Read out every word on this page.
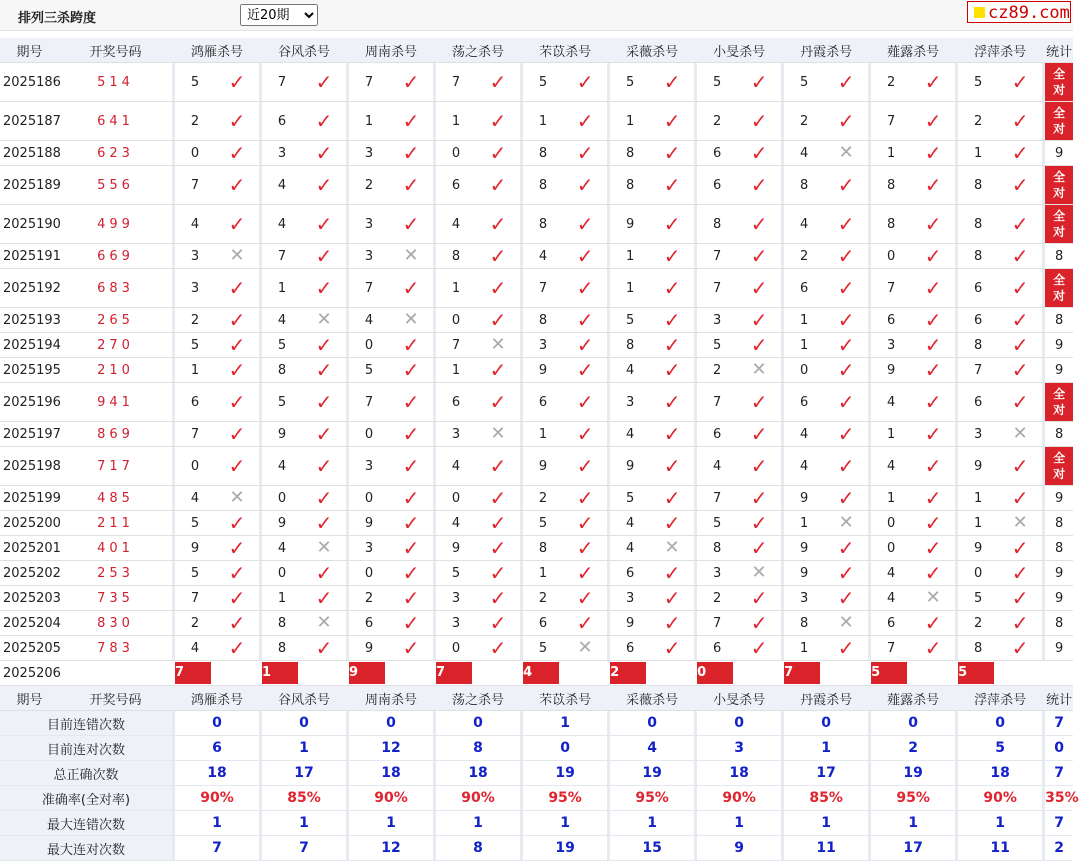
排列三杀跨度
近20期	cz89.com
期号	开奖号码		鸿雁杀号			谷风杀号			周南杀号			荡之杀号			芣苡杀号			采薇杀号			小旻杀号			丹霞杀号			薤露杀号			浮萍杀号			统计
2025186	514		5	✓		7	✓		7	✓		7	✓		5	✓		5	✓		5	✓		5	✓		2	✓		5	✓		全对
2025187	641		2	✓		6	✓		1	✓		1	✓		1	✓		1	✓		2	✓		2	✓		7	✓		2	✓		全对
2025188	623		0	✓		3	✓		3	✓		0	✓		8	✓		8	✓		6	✓		4	✕		1	✓		1	✓		9
2025189	556		7	✓		4	✓		2	✓		6	✓		8	✓		8	✓		6	✓		8	✓		8	✓		8	✓		全对
2025190	499		4	✓		4	✓		3	✓		4	✓		8	✓		9	✓		8	✓		4	✓		8	✓		8	✓		全对
2025191	669		3	✕		7	✓		3	✕		8	✓		4	✓		1	✓		7	✓		2	✓		0	✓		8	✓		8
2025192	683		3	✓		1	✓		7	✓		1	✓		7	✓		1	✓		7	✓		6	✓		7	✓		6	✓		全对
2025193	265		2	✓		4	✕		4	✕		0	✓		8	✓		5	✓		3	✓		1	✓		6	✓		6	✓		8
2025194	270		5	✓		5	✓		0	✓		7	✕		3	✓		8	✓		5	✓		1	✓		3	✓		8	✓		9
2025195	210		1	✓		8	✓		5	✓		1	✓		9	✓		4	✓		2	✕		0	✓		9	✓		7	✓		9
2025196	941		6	✓		5	✓		7	✓		6	✓		6	✓		3	✓		7	✓		6	✓		4	✓		6	✓		全对
2025197	869		7	✓		9	✓		0	✓		3	✕		1	✓		4	✓		6	✓		4	✓		1	✓		3	✕		8
2025198	717		0	✓		4	✓		3	✓		4	✓		9	✓		9	✓		4	✓		4	✓		4	✓		9	✓		全对
2025199	485		4	✕		0	✓		0	✓		0	✓		2	✓		5	✓		7	✓		9	✓		1	✓		1	✓		9
2025200	211		5	✓		9	✓		9	✓		4	✓		5	✓		4	✓		5	✓		1	✕		0	✓		1	✕		8
2025201	401		9	✓		4	✕		3	✓		9	✓		8	✓		4	✕		8	✓		9	✓		0	✓		9	✓		8
2025202	253		5	✓		0	✓		0	✓		5	✓		1	✓		6	✓		3	✕		9	✓		4	✓		0	✓		9
2025203	735		7	✓		1	✓		2	✓		3	✓		2	✓		3	✓		2	✓		3	✓		4	✕		5	✓		9
2025204	830		2	✓		8	✕		6	✓		3	✓		6	✓		9	✓		7	✓		8	✕		6	✓		2	✓		8
2025205	783		4	✓		8	✓		9	✓		0	✓		5	✕		6	✓		6	✓		1	✓		7	✓		8	✓		9
2025206	当前期杀号		7			1			9			7			4			2			0			7			5			5			
期号	开奖号码		鸿雁杀号			谷风杀号			周南杀号			荡之杀号			芣苡杀号			采薇杀号			小旻杀号			丹霞杀号			薤露杀号			浮萍杀号			统计
目前连错次数			0			0			0			0			1			0			0			0			0			0			7
目前连对次数			6			1			12			8			0			4			3			1			2			5			0
总正确次数			18			17			18			18			19			19			18			17			19			18			7
准确率(全对率)			90%			85%			90%			90%			95%			95%			90%			85%			95%			90%			35%
最大连错次数			1			1			1			1			1			1			1			1			1			1			7
最大连对次数			7			7			12			8			19			15			9			11			17			11			2
